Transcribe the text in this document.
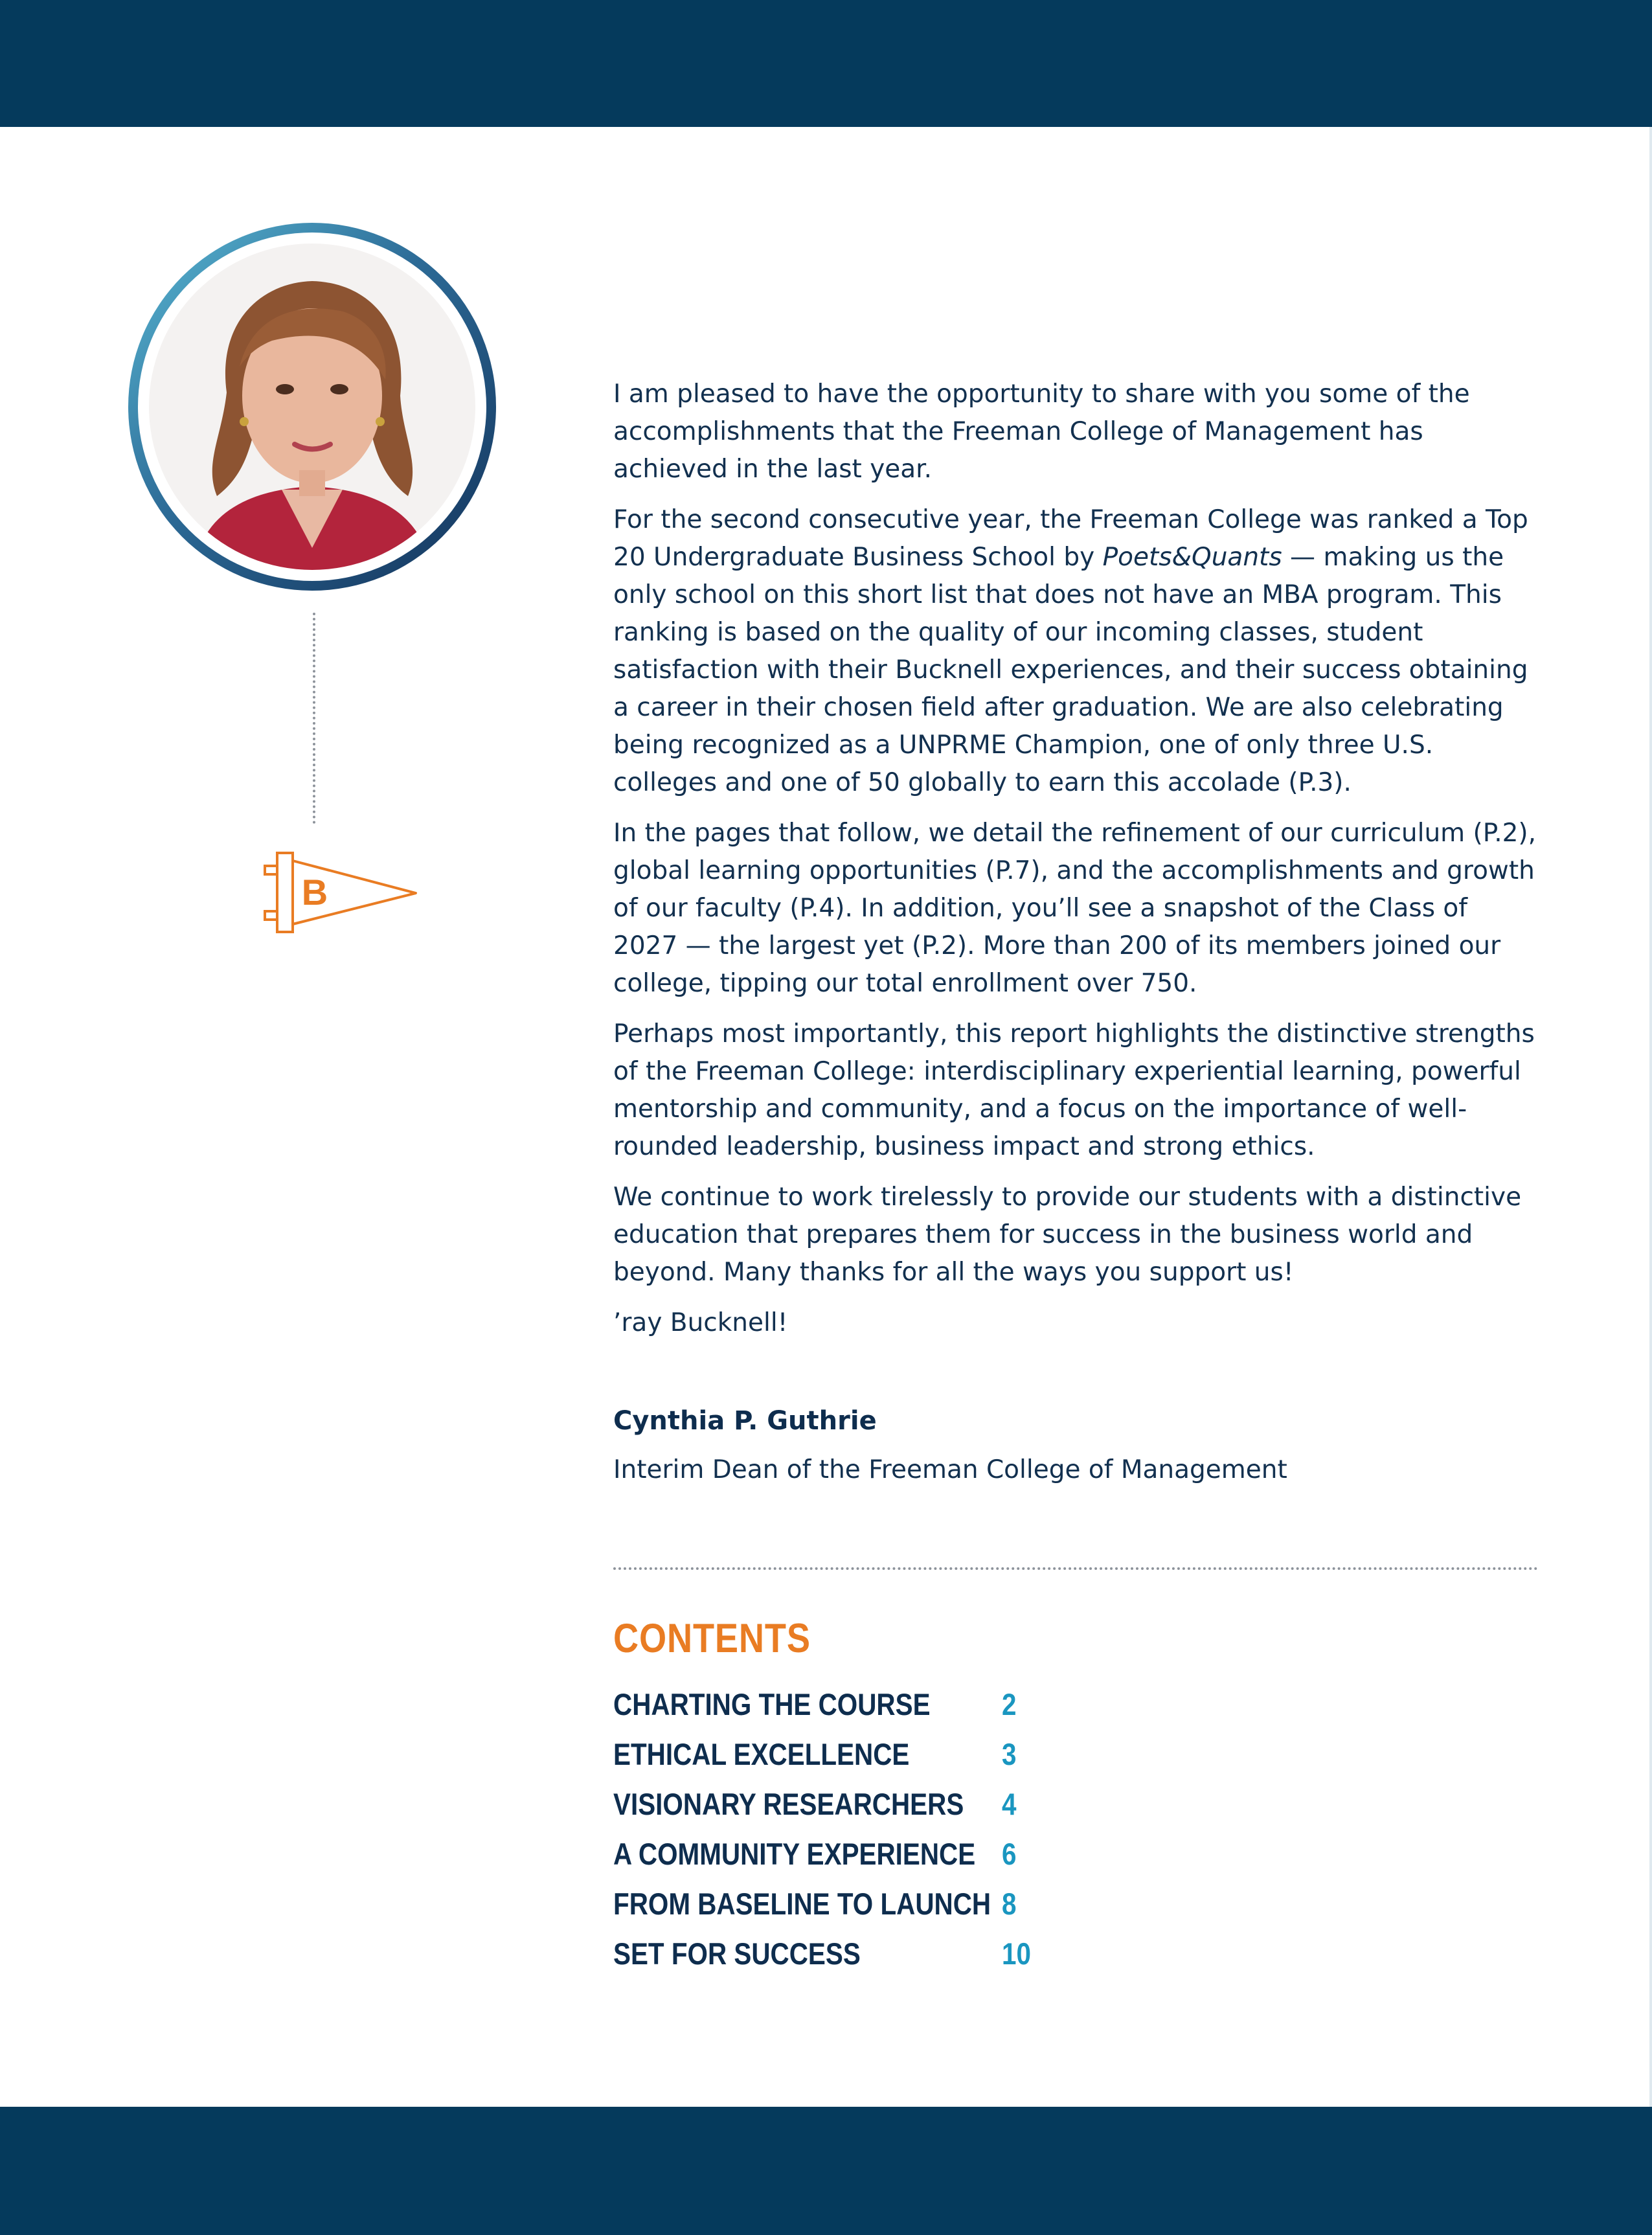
B

I am pleased to have the opportunity to share with you some of the accomplishments that the Freeman College of Management has achieved in the last year.

For the second consecutive year, the Freeman College was ranked a Top 20 Undergraduate Business School by Poets&Quants — making us the only school on this short list that does not have an MBA program. This ranking is based on the quality of our incoming classes, student satisfaction with their Bucknell experiences, and their success obtaining a career in their chosen field after graduation. We are also celebrating being recognized as a UNPRME Champion, one of only three U.S. colleges and one of 50 globally to earn this accolade (P.3).

In the pages that follow, we detail the refinement of our curriculum (P.2), global learning opportunities (P.7), and the accomplishments and growth of our faculty (P.4). In addition, you’ll see a snapshot of the Class of 2027 — the largest yet (P.2). More than 200 of its members joined our college, tipping our total enrollment over 750.

Perhaps most importantly, this report highlights the distinctive strengths of the Freeman College: interdisciplinary experiential learning, powerful mentorship and community, and a focus on the importance of well-rounded leadership, business impact and strong ethics.

We continue to work tirelessly to provide our students with a distinctive education that prepares them for success in the business world and beyond. Many thanks for all the ways you support us!

’ray Bucknell!

Cynthia P. Guthrie
Interim Dean of the Freeman College of Management
CONTENTS
CHARTING THE COURSE 2
ETHICAL EXCELLENCE	3
VISIONARY RESEARCHERS 4
A COMMUNITY EXPERIENCE 6
FROM BASELINE TO LAUNCH 8
SET FOR SUCCESS	10
